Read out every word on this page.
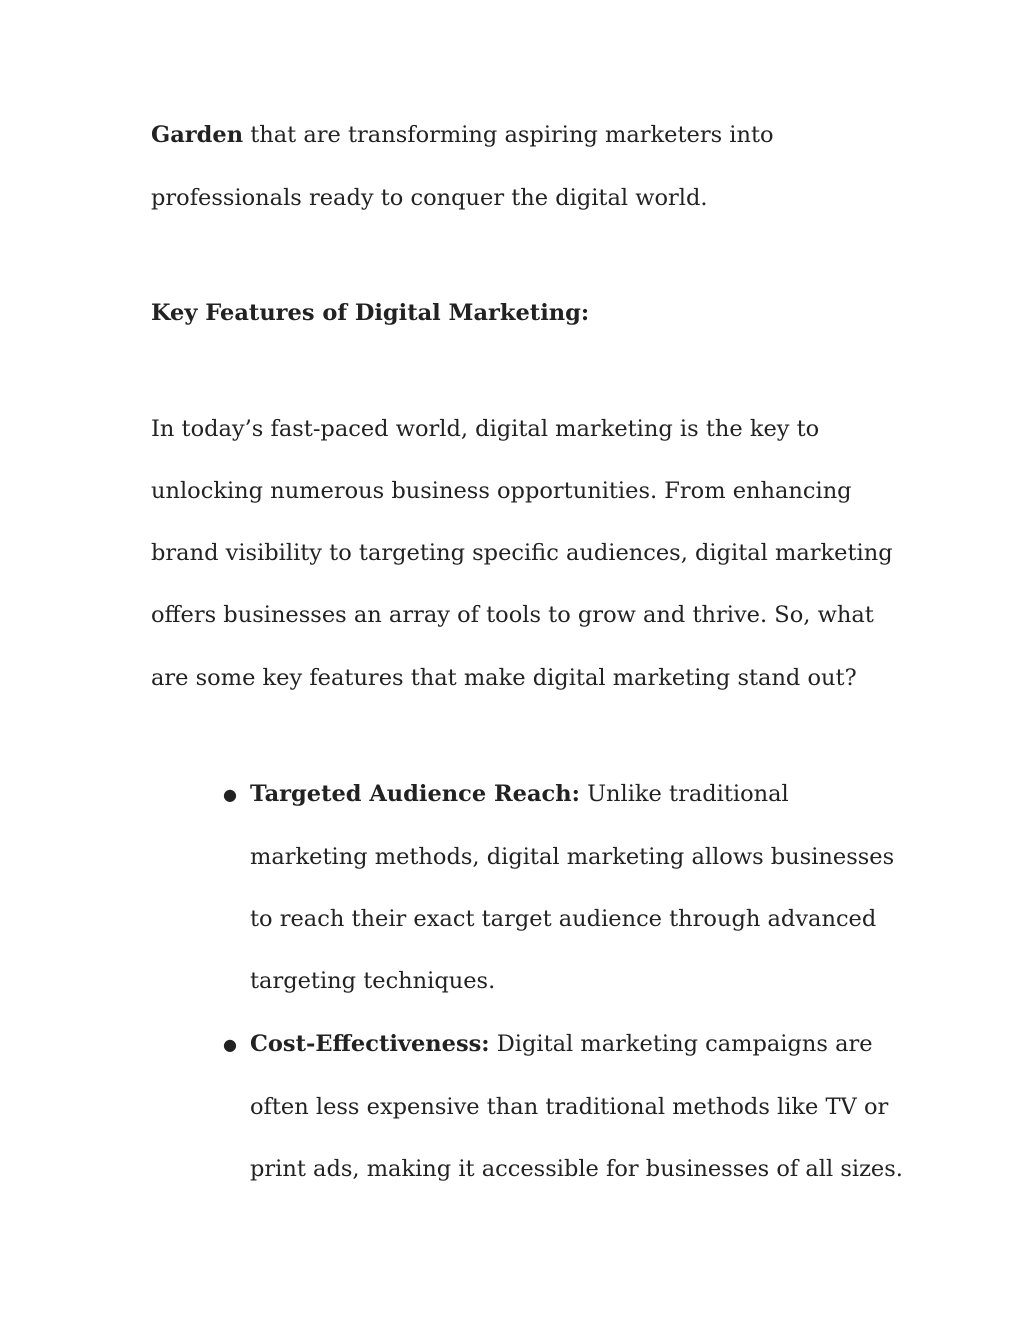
Garden that are transforming aspiring marketers into
professionals ready to conquer the digital world.
Key Features of Digital Marketing:
In today’s fast-paced world, digital marketing is the key to
unlocking numerous business opportunities. From enhancing
brand visibility to targeting specific audiences, digital marketing
offers businesses an array of tools to grow and thrive. So, what
are some key features that make digital marketing stand out?
● Targeted Audience Reach: Unlike traditional
marketing methods, digital marketing allows businesses
to reach their exact target audience through advanced
targeting techniques.
● Cost-Effectiveness: Digital marketing campaigns are
often less expensive than traditional methods like TV or
print ads, making it accessible for businesses of all sizes.
